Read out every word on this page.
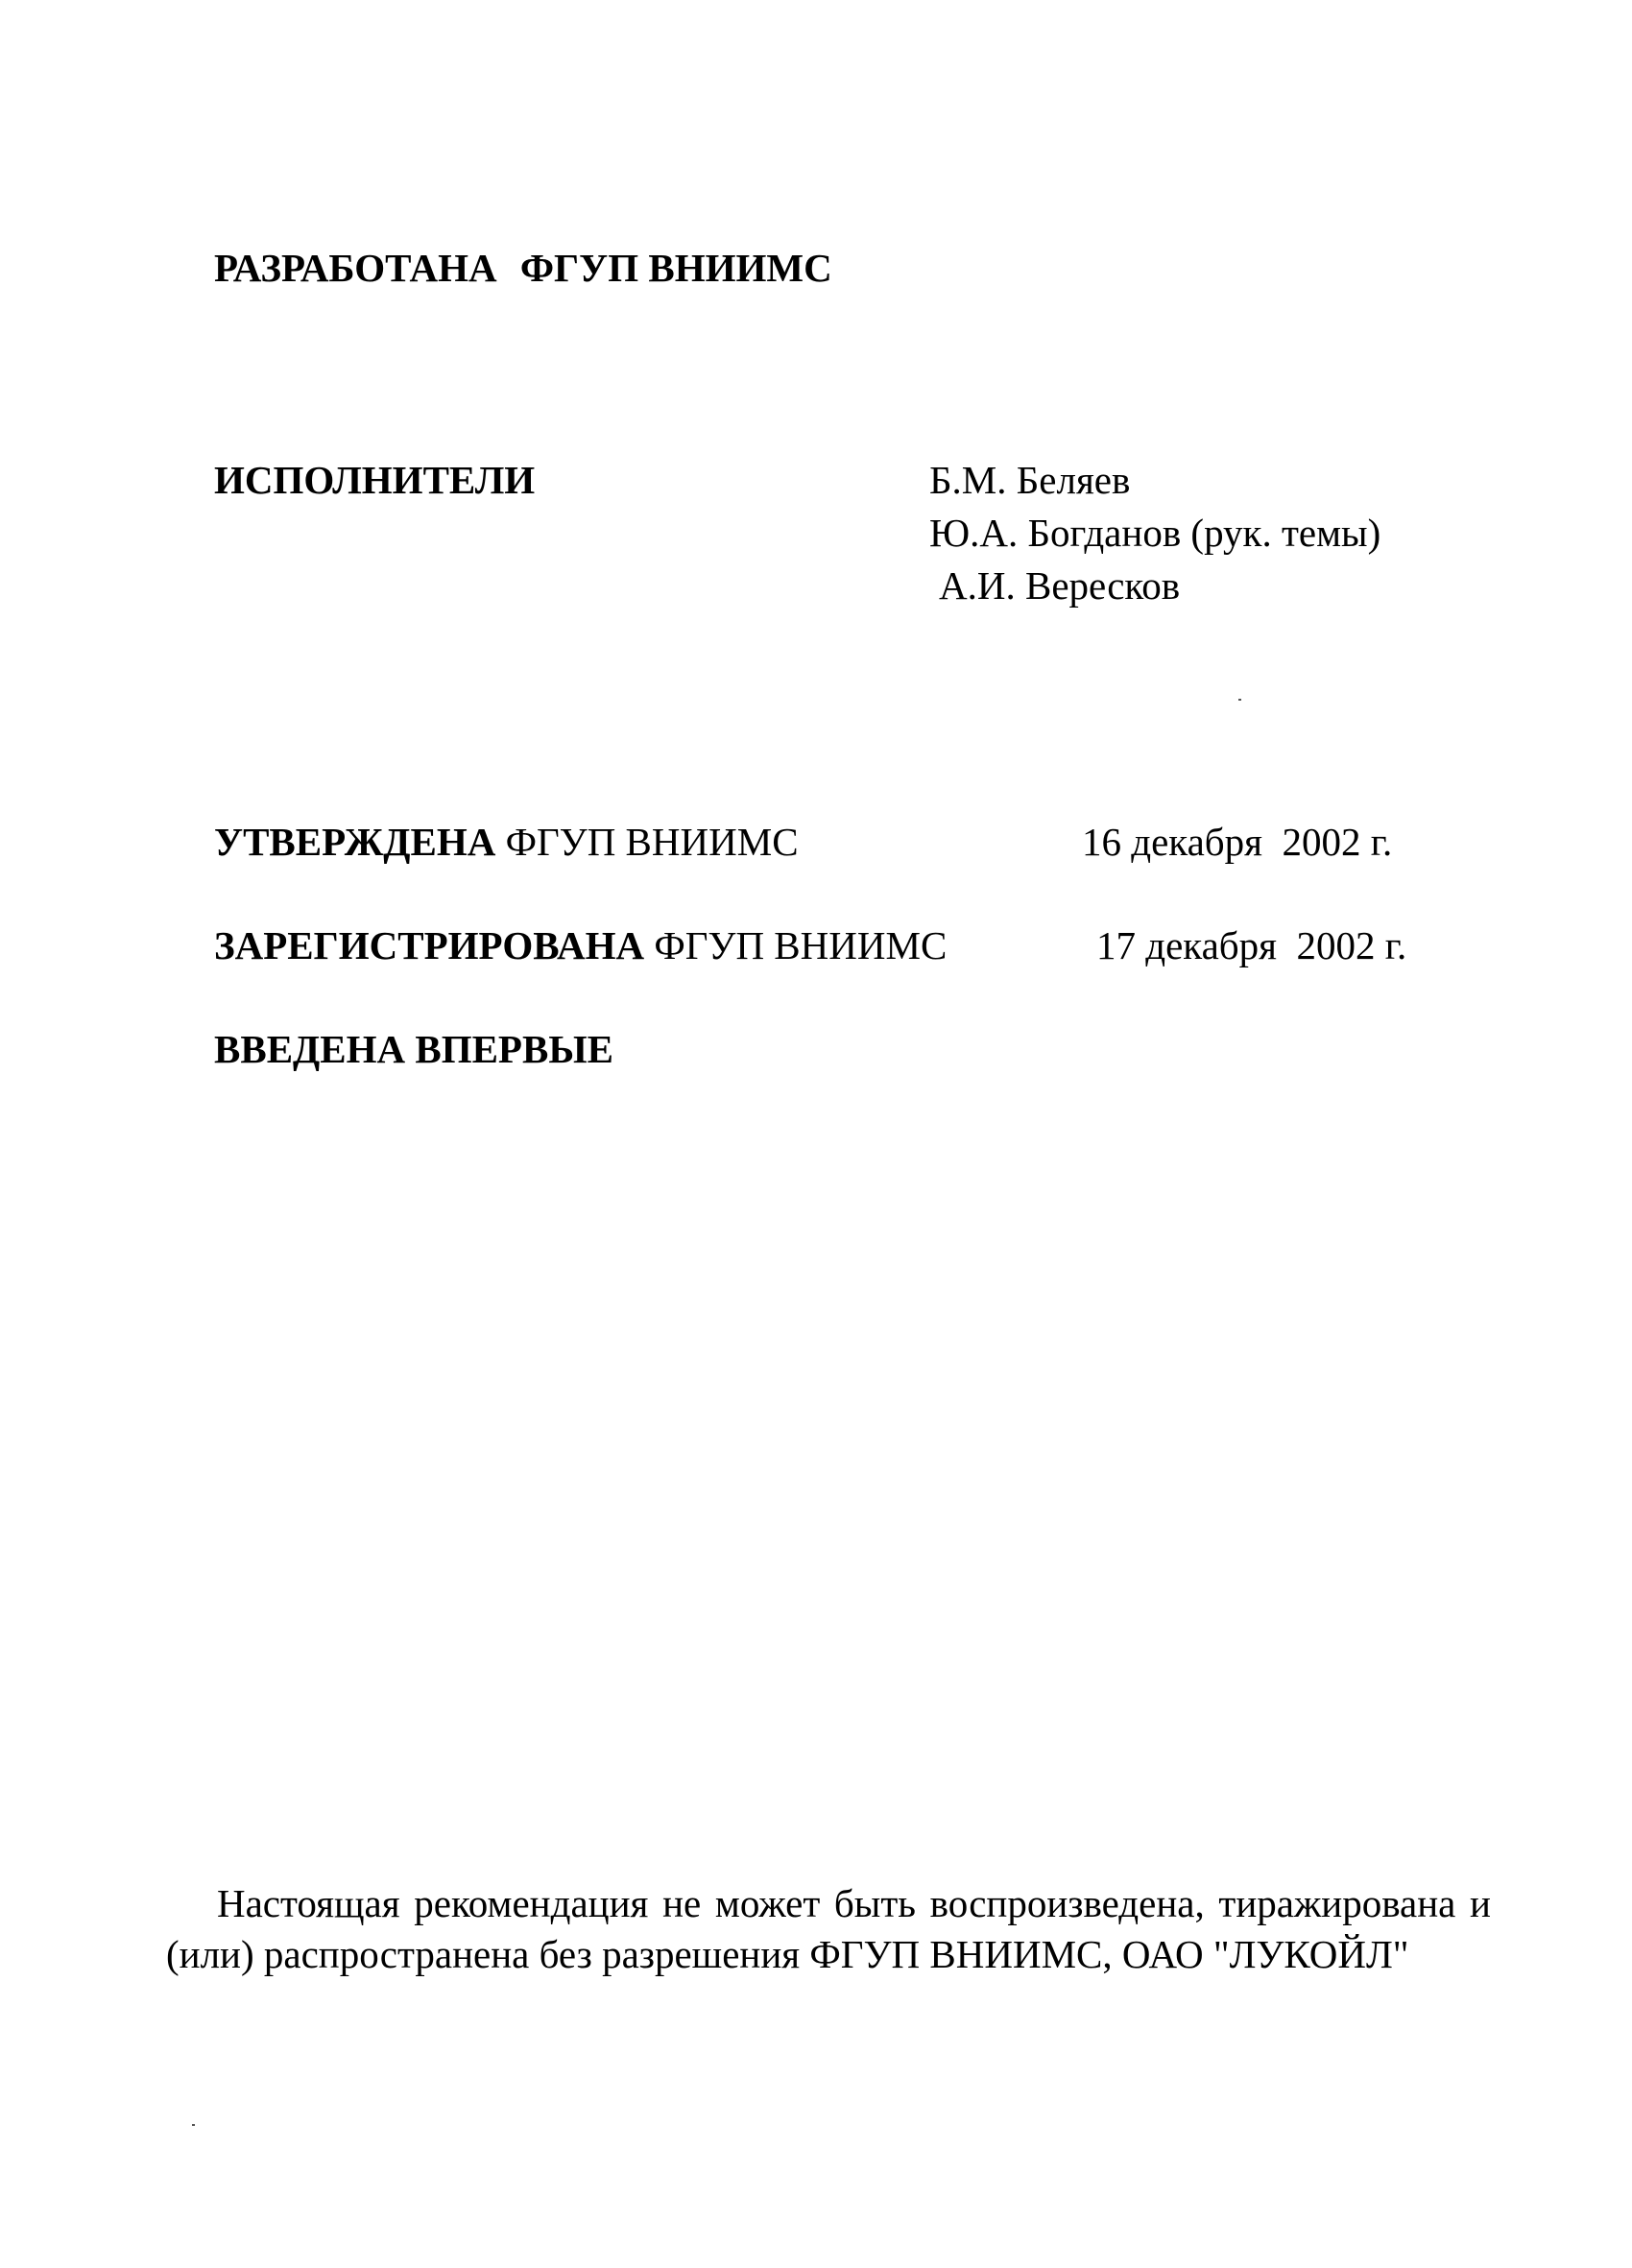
РАЗРАБОТАНА ФГУП ВНИИМС
ИСПОЛНИТЕЛИ	Б.М. Беляев
Ю.А. Богданов (рук. темы)
А.И. Вересков
УТВЕРЖДЕНА ФГУП ВНИИМС	16 декабря  2002 г.
ЗАРЕГИСТРИРОВАНА ФГУП ВНИИМС	17 декабря  2002 г.
ВВЕДЕНА ВПЕРВЫЕ

Настоящая рекомендация не может быть воспроизведена, тиражирована и (или) распространена без разрешения ФГУП ВНИИМС, ОАО "ЛУКОЙЛ"
